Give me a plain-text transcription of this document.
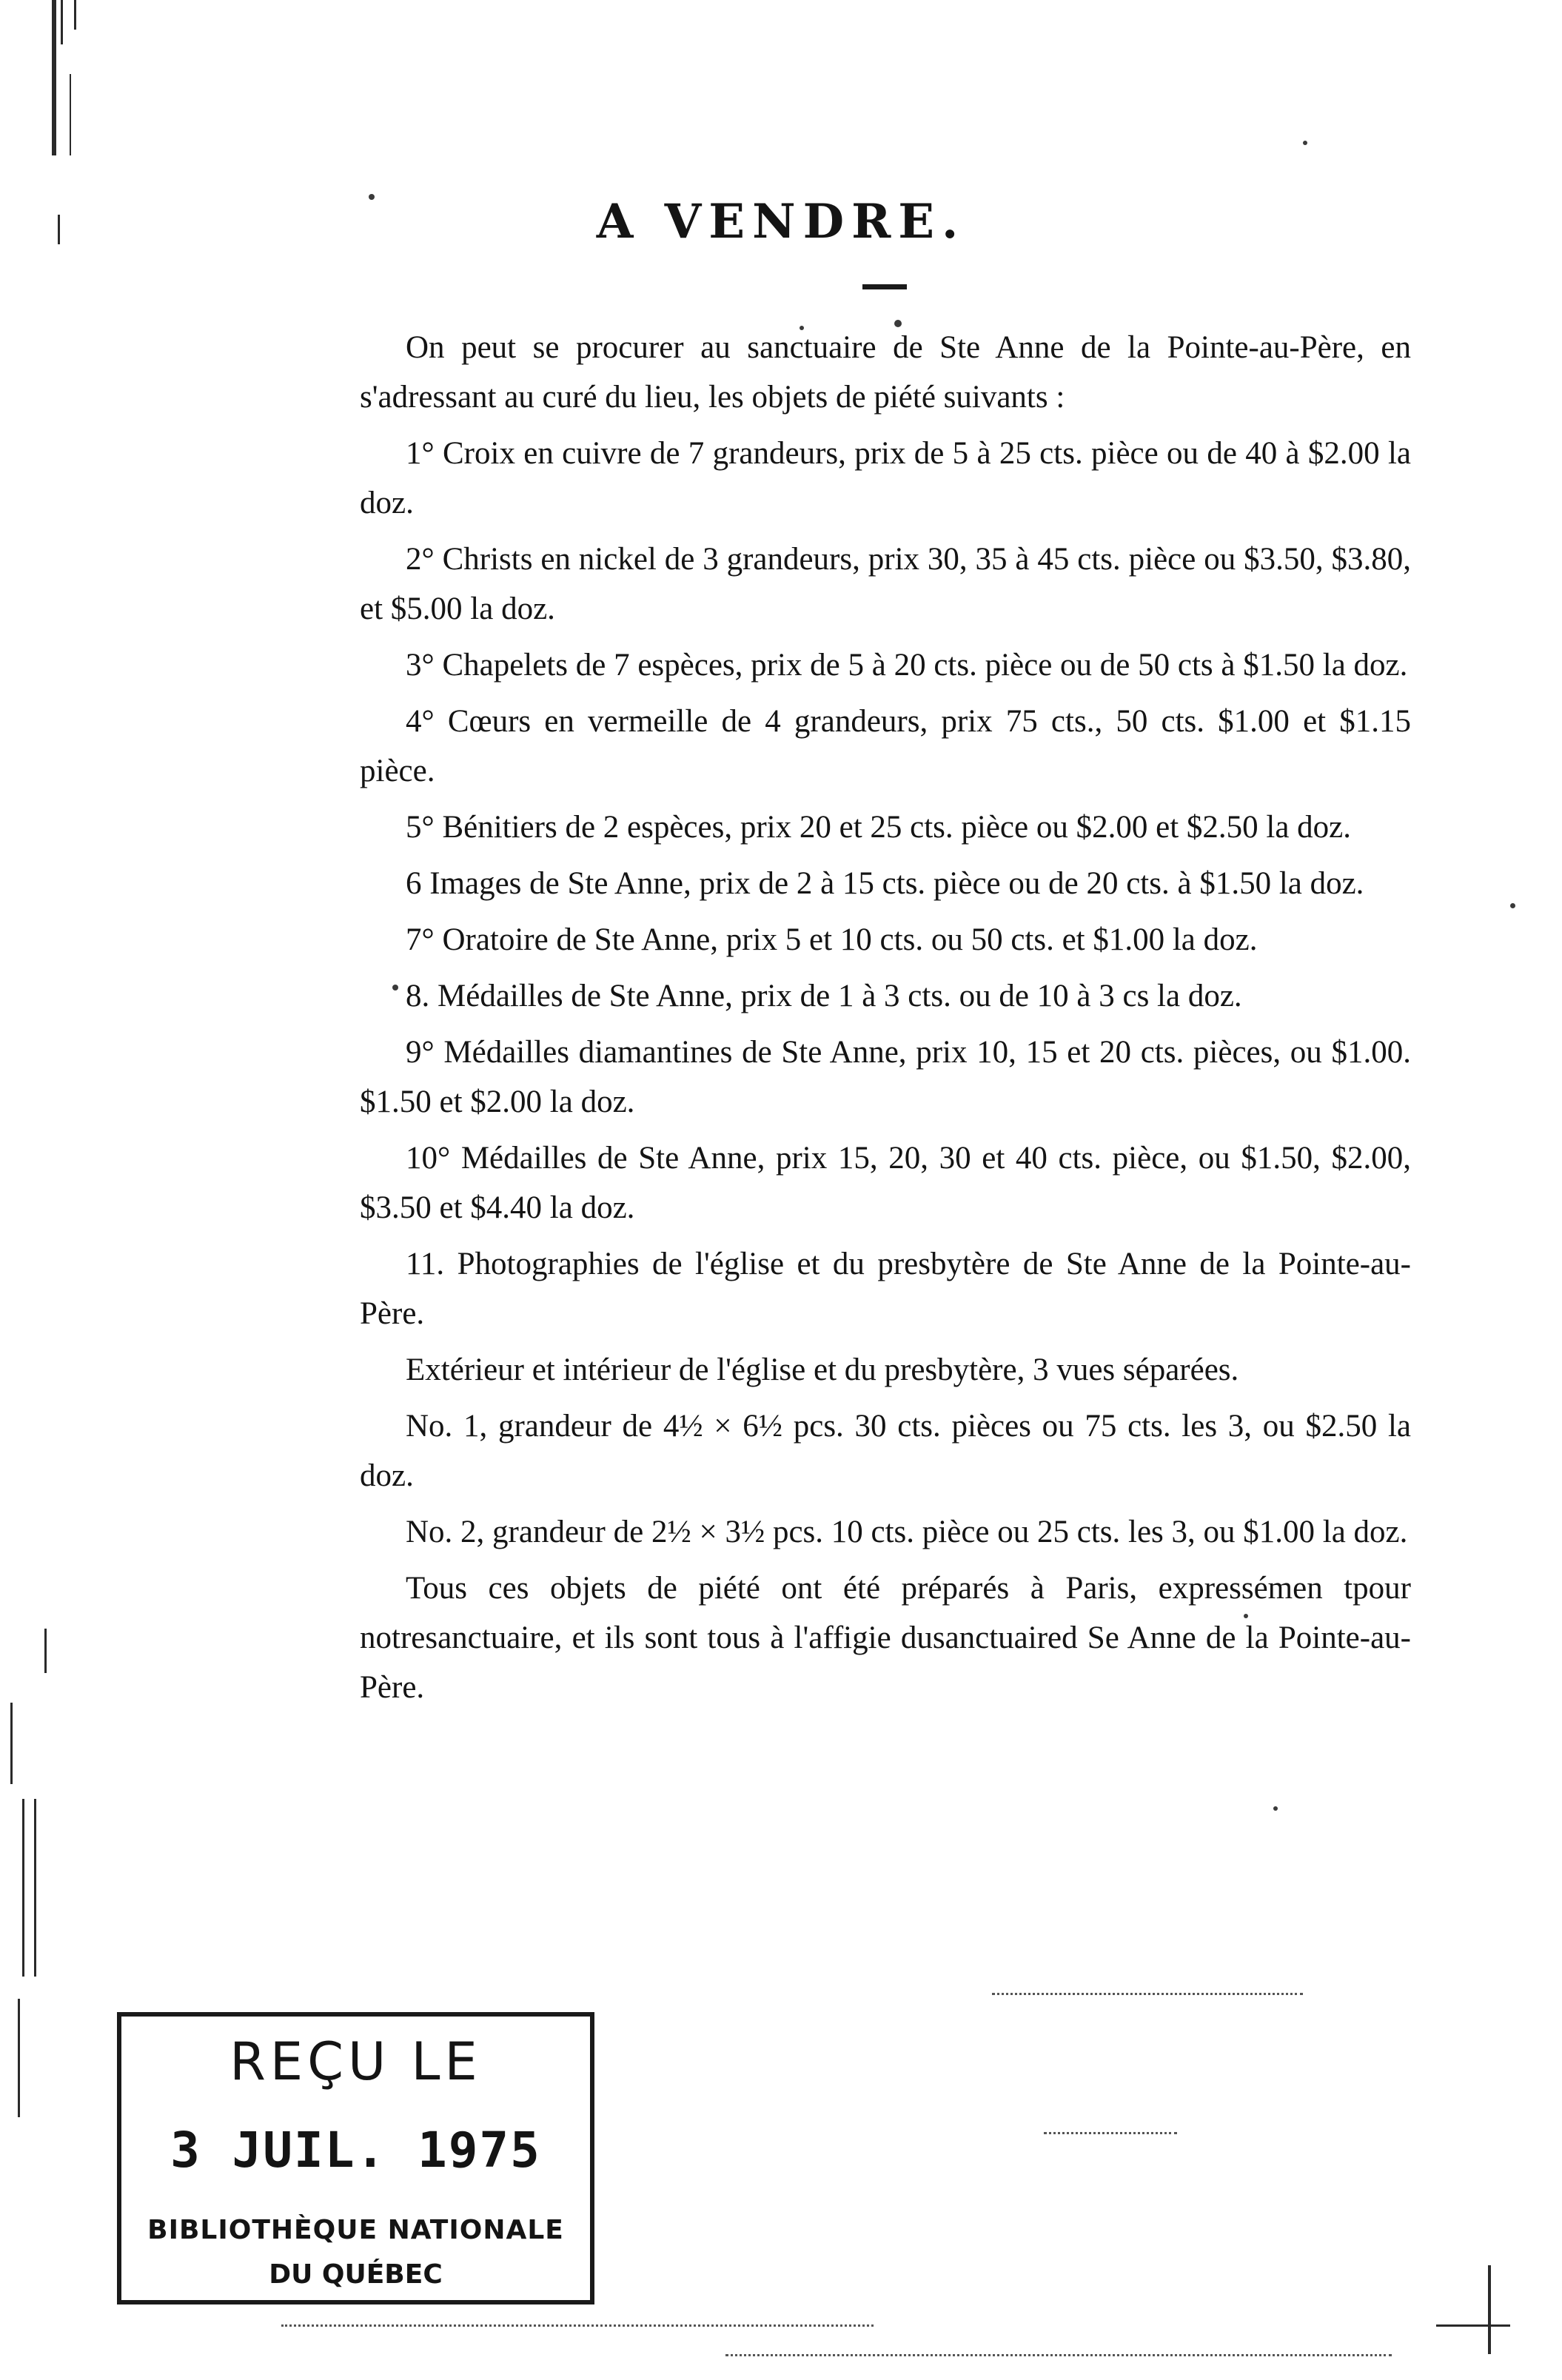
A VENDRE.

On peut se procurer au sanctuaire de Ste Anne de la Pointe-au-Père, en s'adressant au curé du lieu, les objets de piété suivants :

1° Croix en cuivre de 7 grandeurs, prix de 5 à 25 cts. pièce ou de 40 à $2.00 la doz.

2° Christs en nickel de 3 grandeurs, prix 30, 35 à 45 cts. pièce ou $3.50, $3.80, et $5.00 la doz.

3° Chapelets de 7 espèces, prix de 5 à 20 cts. pièce ou de 50 cts à $1.50 la doz.

4° Cœurs en vermeille de 4 grandeurs, prix 75 cts., 50 cts. $1.00 et $1.15 pièce.

5° Bénitiers de 2 espèces, prix 20 et 25 cts. pièce ou $2.00 et $2.50 la doz.

6 Images de Ste Anne, prix de 2 à 15 cts. pièce ou de 20 cts. à $1.50 la doz.

7° Oratoire de Ste Anne, prix 5 et 10 cts. ou 50 cts. et $1.00 la doz.

8. Médailles de Ste Anne, prix de 1 à 3 cts. ou de 10 à 3 cs la doz.

9° Médailles diamantines de Ste Anne, prix 10, 15 et 20 cts. pièces, ou $1.00. $1.50 et $2.00 la doz.

10° Médailles de Ste Anne, prix 15, 20, 30 et 40 cts. pièce, ou $1.50, $2.00, $3.50 et $4.40 la doz.

11. Photographies de l'église et du presbytère de Ste Anne de la Pointe-au-Père.

Extérieur et intérieur de l'église et du presbytère, 3 vues séparées.

No. 1, grandeur de 4½ × 6½ pcs. 30 cts. pièces ou 75 cts. les 3, ou $2.50 la doz.

No. 2, grandeur de 2½ × 3½ pcs. 10 cts. pièce ou 25 cts. les 3, ou $1.00 la doz.

Tous ces objets de piété ont été préparés à Paris, expressémen tpour notresanctuaire, et ils sont tous à l'affigie dusanctuaired Se Anne de la Pointe-au-Père.

REÇU LE
3 JUIL. 1975
BIBLIOTHÈQUE NATIONALE
DU QUÉBEC
